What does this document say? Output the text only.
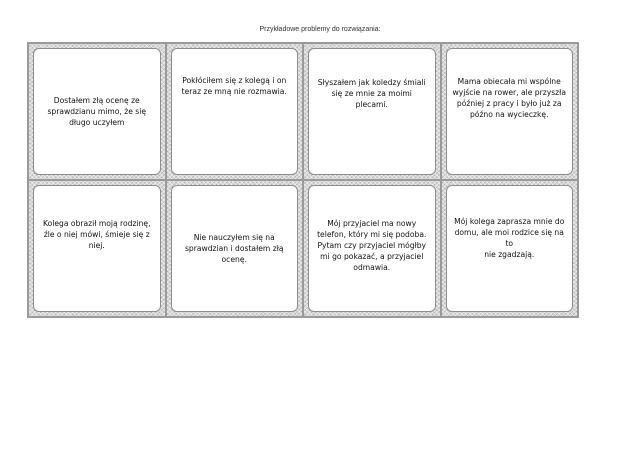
Przykładowe problemy do rozwiązania:
Dostałem złą ocenę ze
sprawdzianu mimo, że się
długo uczyłem
Pokłóciłem się z kolegą i on
teraz ze mną nie rozmawia.
Słyszałem jak koledzy śmiali
się ze mnie za moimi plecami.
Mama obiecała mi wspólne
wyjście na rower, ale przyszła
później z pracy i było już za
późno na wycieczkę.
Kolega obraził moją rodzinę,
źle o niej mówi, śmieje się z
niej.
Nie nauczyłem się na
sprawdzian i dostałem złą
ocenę.
Mój przyjaciel ma nowy
telefon, który mi się podoba.
Pytam czy przyjaciel mógłby
mi go pokazać, a przyjaciel
odmawia.
Mój kolega zaprasza mnie do
domu, ale moi rodzice się na to
nie zgadzają.
